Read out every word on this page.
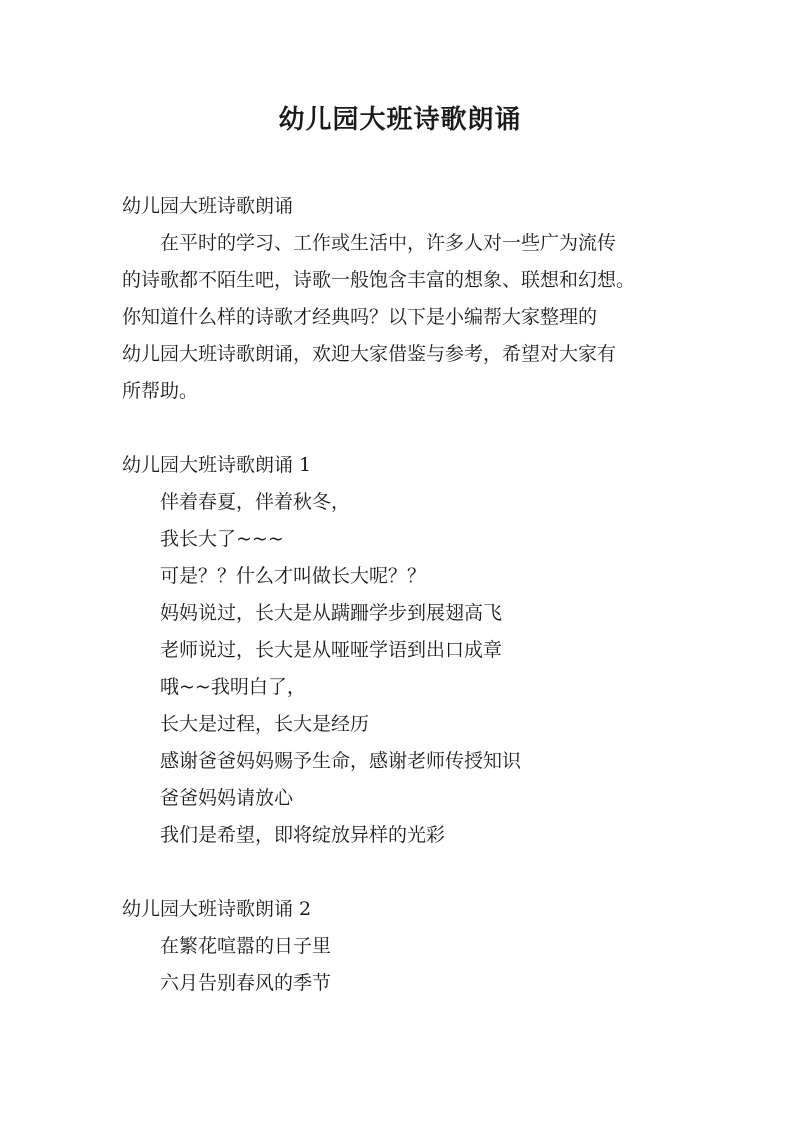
幼儿园大班诗歌朗诵

幼儿园大班诗歌朗诵

在平时的学习、工作或生活中，许多人对一些广为流传
的诗歌都不陌生吧，诗歌一般饱含丰富的想象、联想和幻想。
你知道什么样的诗歌才经典吗？以下是小编帮大家整理的
幼儿园大班诗歌朗诵，欢迎大家借鉴与参考，希望对大家有
所帮助。

幼儿园大班诗歌朗诵 1

伴着春夏，伴着秋冬，

我长大了~~~

可是？？什么才叫做长大呢？？

妈妈说过，长大是从蹒跚学步到展翅高飞

老师说过，长大是从哑哑学语到出口成章

哦~~我明白了，

长大是过程，长大是经历

感谢爸爸妈妈赐予生命，感谢老师传授知识

爸爸妈妈请放心

我们是希望，即将绽放异样的光彩

幼儿园大班诗歌朗诵 2

在繁花喧嚣的日子里

六月告别春风的季节
